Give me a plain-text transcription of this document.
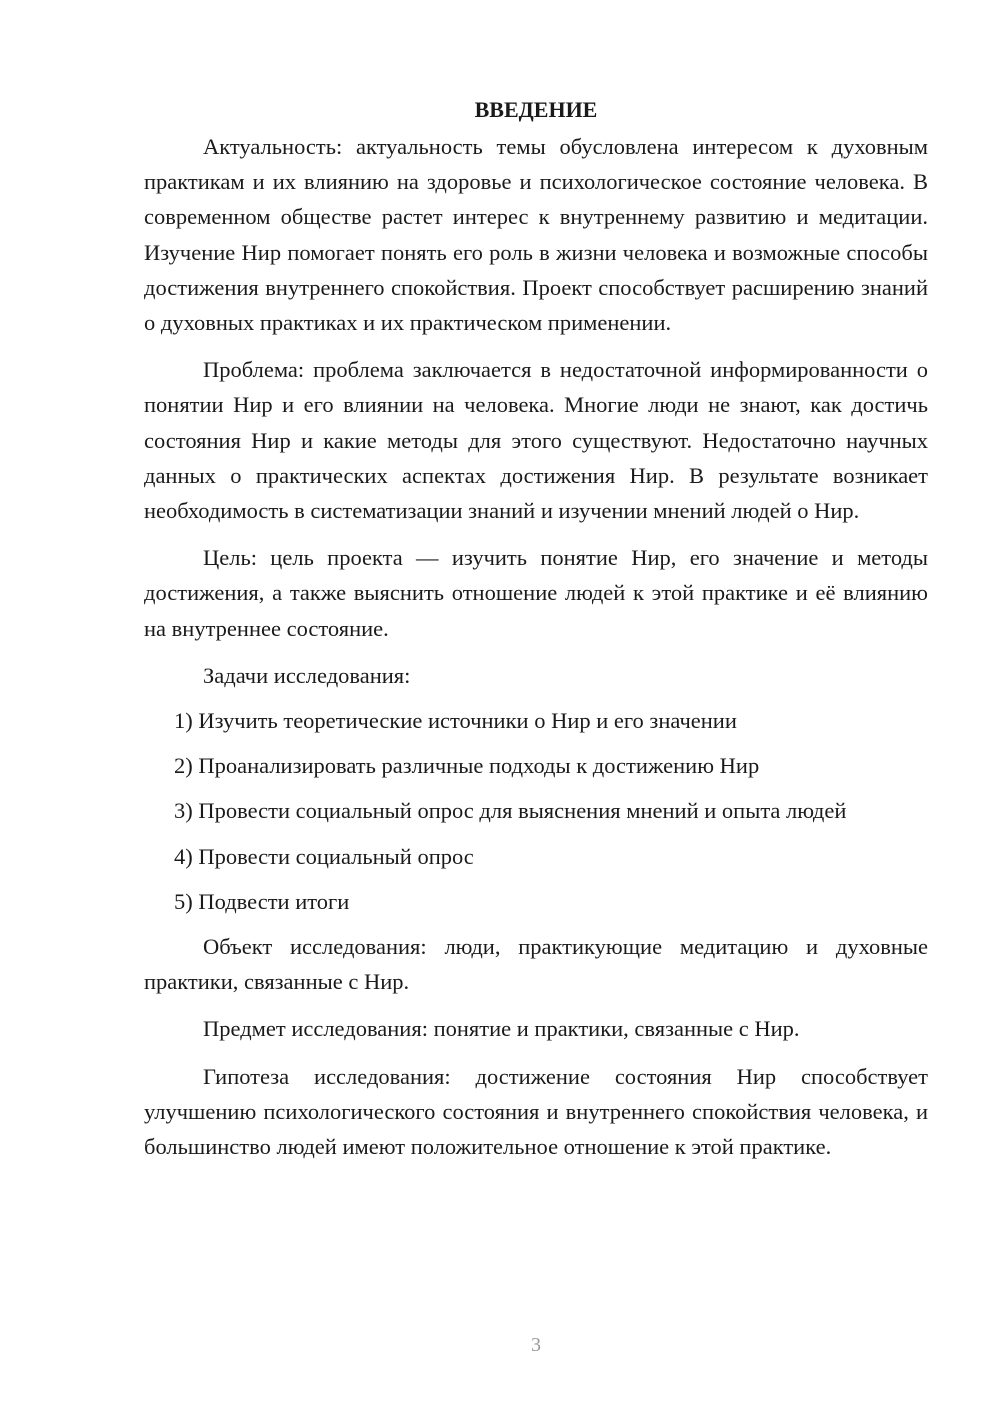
ВВЕДЕНИЕ

Актуальность: актуальность темы обусловлена интересом к духовным практикам и их влиянию на здоровье и психологическое состояние человека. В современном обществе растет интерес к внутреннему развитию и медитации. Изучение Нир помогает понять его роль в жизни человека и возможные способы достижения внутреннего спокойствия. Проект способствует расширению знаний о духовных практиках и их практическом применении.

Проблема: проблема заключается в недостаточной информированности о понятии Нир и его влиянии на человека. Многие люди не знают, как достичь состояния Нир и какие методы для этого существуют. Недостаточно научных данных о практических аспектах достижения Нир. В результате возникает необходимость в систематизации знаний и изучении мнений людей о Нир.

Цель: цель проекта — изучить понятие Нир, его значение и методы достижения, а также выяснить отношение людей к этой практике и её влиянию на внутреннее состояние.

Задачи исследования:
1) Изучить теоретические источники о Нир и его значении
2) Проанализировать различные подходы к достижению Нир
3) Провести социальный опрос для выяснения мнений и опыта людей
4) Провести социальный опрос
5) Подвести итоги

Объект исследования: люди, практикующие медитацию и духовные практики, связанные с Нир.

Предмет исследования: понятие и практики, связанные с Нир.

Гипотеза исследования: достижение состояния Нир способствует улучшению психологического состояния и внутреннего спокойствия человека, и большинство людей имеют положительное отношение к этой практике.

3
